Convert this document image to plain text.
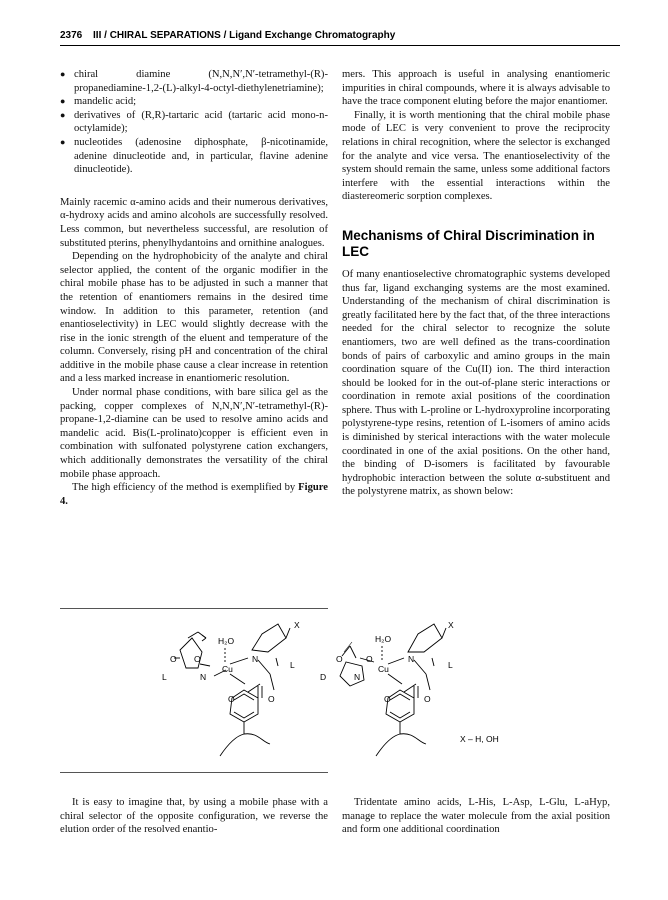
2376 III / CHIRAL SEPARATIONS / Ligand Exchange Chromatography
● chiral diamine (N,N,N′,N′-tetramethyl-(R)-propanediamine-1,2-(L)-alkyl-4-octyl-diethylenetriamine);
● mandelic acid;
● derivatives of (R,R)-tartaric acid (tartaric acid mono-n-octylamide);
● nucleotides (adenosine diphosphate, β-nicotinamide, adenine dinucleotide and, in particular, flavine adenine dinucleotide).

Mainly racemic α-amino acids and their numerous derivatives, α-hydroxy acids and amino alcohols are successfully resolved. Less common, but nevertheless successful, are resolution of substituted pterins, phenylhydantoins and ornithine analogues.

Depending on the hydrophobicity of the analyte and chiral selector applied, the content of the organic modifier in the chiral mobile phase has to be adjusted in such a manner that the retention of enantiomers remains in the desired time window. In addition to this parameter, retention (and enantioselectivity) in LEC would slightly decrease with the rise in the ionic strength of the eluent and temperature of the column. Conversely, rising pH and concentration of the chiral additive in the mobile phase cause a clear increase in retention and a less marked increase in enantiomeric resolution.

Under normal phase conditions, with bare silica gel as the packing, copper complexes of N,N,N′,N′-tetramethyl-(R)-propane-1,2-diamine can be used to resolve amino acids and mandelic acid. Bis(L-prolinato)copper is efficient even in combination with sulfonated polystyrene cation exchangers, which additionally demonstrates the versatility of the chiral mobile phase approach.

The high efficiency of the method is exemplified by Figure 4.

mers. This approach is useful in analysing enantiomeric impurities in chiral compounds, where it is always advisable to have the trace component eluting before the major enantiomer.

Finally, it is worth mentioning that the chiral mobile phase mode of LEC is very convenient to prove the reciprocity relations in chiral recognition, where the selector is exchanged for the analyte and vice versa. The enantioselectivity of the system should remain the same, unless some additional factors interfere with the essential interactions within the diastereomeric sorption complexes.

Mechanisms of Chiral Discrimination in LEC

Of many enantioselective chromatographic systems developed thus far, ligand exchanging systems are the most examined. Understanding of the mechanism of chiral discrimination is greatly facilitated here by the fact that, of the three interactions needed for the chiral selector to recognize the solute enantiomers, two are well defined as the trans-coordination bonds of pairs of carboxylic and amino groups in the main coordination square of the Cu(II) ion. The third interaction should be looked for in the out-of-plane steric interactions or coordination in remote axial positions of the coordination sphere. Thus with L-proline or L-hydroxyproline incorporating polystyrene-type resins, retention of L-isomers of amino acids is diminished by sterical interactions with the water molecule coordinated in one of the axial positions. On the other hand, the binding of D-isomers is facilitated by favourable hydrophobic interaction between the solute α-substituent and the polystyrene matrix, as shown below:

H₂O
X
O O
O	O
N
N
Cu
L
L
H₂O
X
O	O
O	O
N
N
Cu
D
L
X – H, OH

It is easy to imagine that, by using a mobile phase with a chiral selector of the opposite configuration, we reverse the elution order of the resolved enantio-

Tridentate amino acids, L-His, L-Asp, L-Glu, L-aHyp, manage to replace the water molecule from the axial position and form one additional coordination
